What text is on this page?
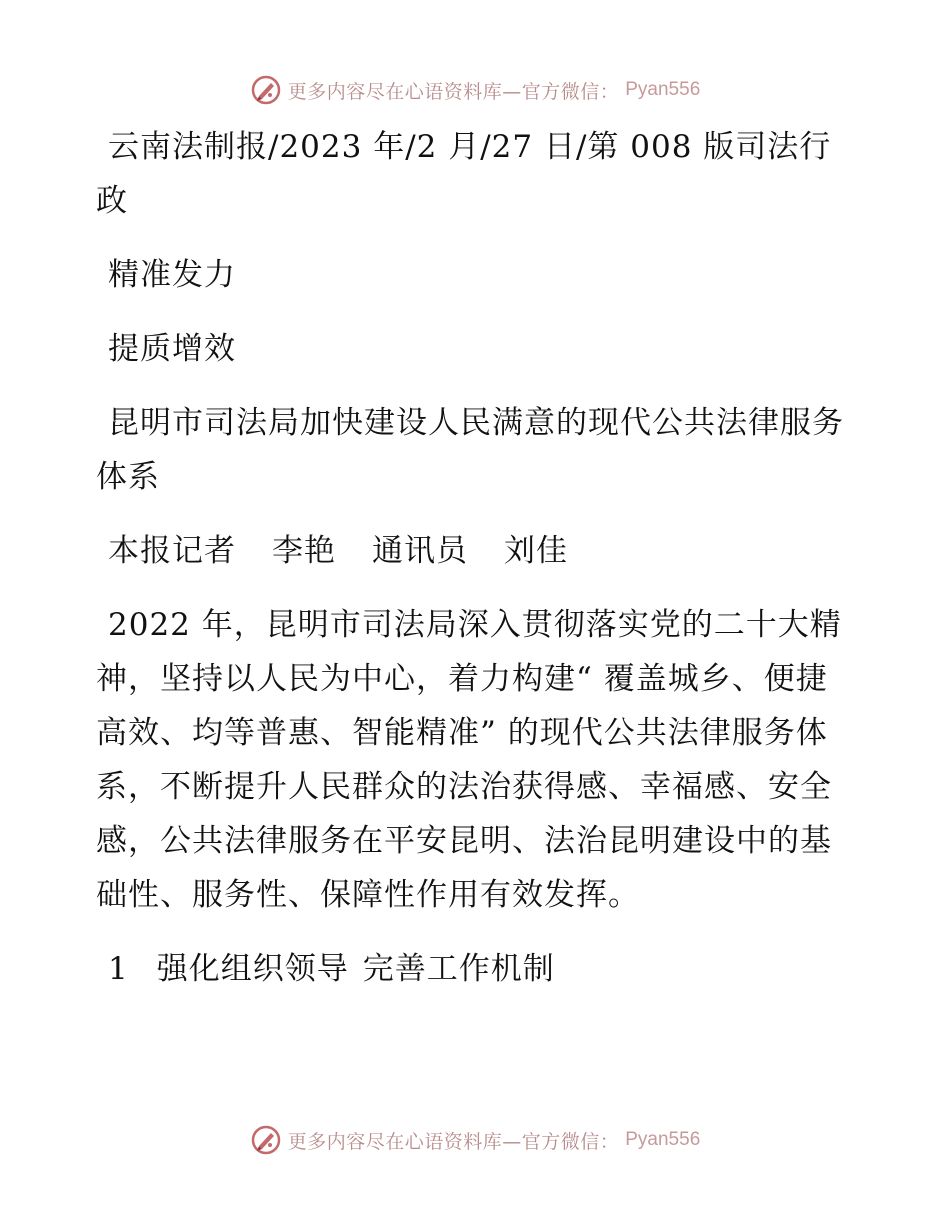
更多内容尽在心语资料库—官方微信： Pyan556

云南法制报/2023 年/2 月/27 日/第 008 版司法行政

精准发力

提质增效

昆明市司法局加快建设人民满意的现代公共法律服务体系

本报记者 李艳 通讯员 刘佳

2022 年，昆明市司法局深入贯彻落实党的二十大精神，坚持以人民为中心，着力构建“ 覆盖城乡、便捷高效、均等普惠、智能精准” 的现代公共法律服务体系，不断提升人民群众的法治获得感、幸福感、安全感，公共法律服务在平安昆明、法治昆明建设中的基础性、服务性、保障性作用有效发挥。

1 强化组织领导 完善工作机制

更多内容尽在心语资料库—官方微信： Pyan556
